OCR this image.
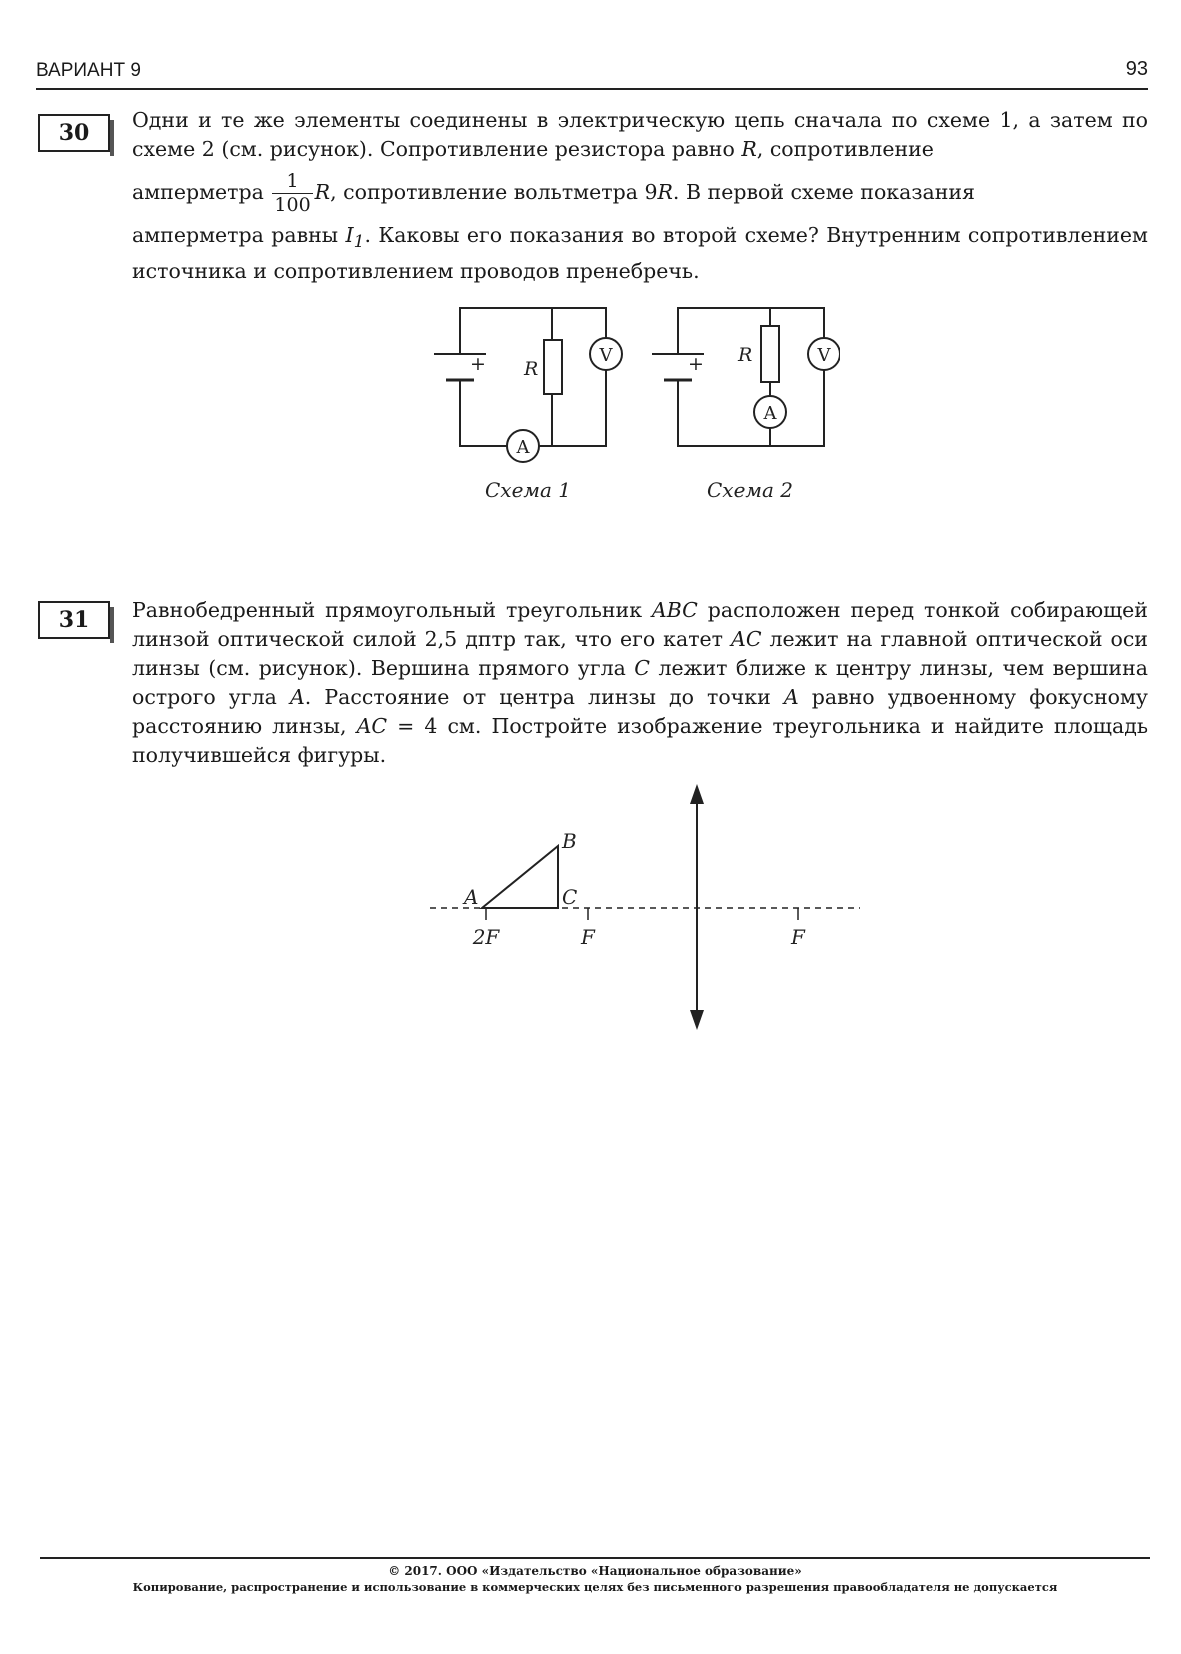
ВАРИАНТ 9	93
30	Одни и те же элементы соединены в электрическую цепь сначала по схеме 1, а затем по схеме 2 (см. рисунок). Сопротивление резистора равно R, сопротивление

амперметра $\frac{1}{100} R$, сопротивление вольтметра 9R. В первой схеме показания

амперметра равны $I_1$. Каковы его показания во второй схеме? Внутренним сопротивлением источника и сопротивлением проводов пренебречь.

+ R
V
A
+ R	V
A
Схема 1	Схема 2
31	Равнобедренный прямоугольный треугольник ABC расположен перед тонкой собирающей линзой оптической силой 2,5 дптр так, что его катет AC лежит на главной оптической оси линзы (см. рисунок). Вершина прямого угла C лежит ближе к центру линзы, чем вершина острого угла A. Расстояние от центра линзы до точки A равно удвоенному фокусному расстоянию линзы, AC = 4 см. Постройте изображение треугольника и найдите площадь получившейся фигуры.

A
B
C
2F	F	F
© 2017. ООО «Издательство «Национальное образование»
Копирование, распространение и использование в коммерческих целях без письменного разрешения правообладателя не допускается
